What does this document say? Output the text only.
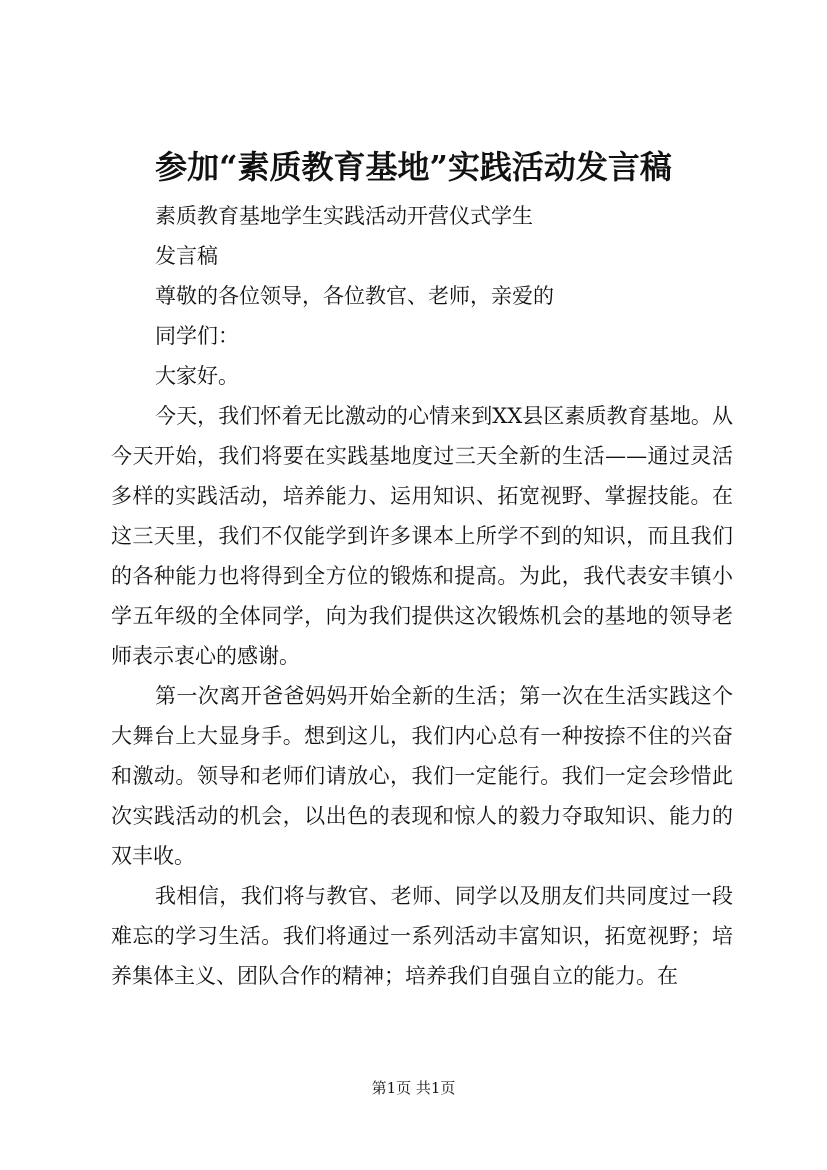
参加“素质教育基地”实践活动发言稿
素质教育基地学生实践活动开营仪式学生
发言稿
尊敬的各位领导，各位教官、老师，亲爱的
同学们：
大家好。

今天，我们怀着无比激动的心情来到XX县区素质教育基地。从今天开始，我们将要在实践基地度过三天全新的生活——通过灵活多样的实践活动，培养能力、运用知识、拓宽视野、掌握技能。在这三天里，我们不仅能学到许多课本上所学不到的知识，而且我们的各种能力也将得到全方位的锻炼和提高。为此，我代表安丰镇小学五年级的全体同学，向为我们提供这次锻炼机会的基地的领导老师表示衷心的感谢。

第一次离开爸爸妈妈开始全新的生活；第一次在生活实践这个大舞台上大显身手。想到这儿，我们内心总有一种按捺不住的兴奋和激动。领导和老师们请放心，我们一定能行。我们一定会珍惜此次实践活动的机会，以出色的表现和惊人的毅力夺取知识、能力的双丰收。

我相信，我们将与教官、老师、同学以及朋友们共同度过一段难忘的学习生活。我们将通过一系列活动丰富知识，拓宽视野；培养集体主义、团队合作的精神；培养我们自强自立的能力。在

第1页 共1页
